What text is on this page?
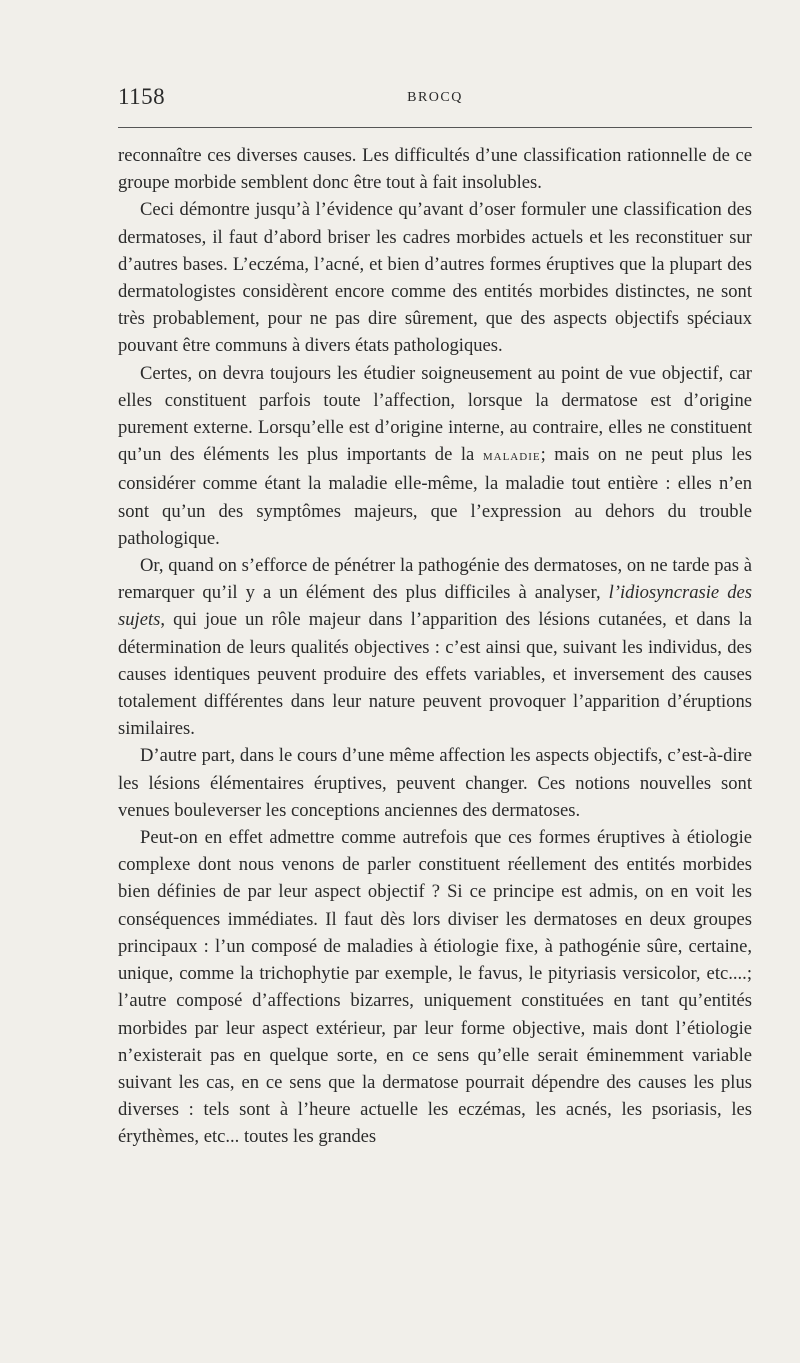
1158	BROCQ

reconnaître ces diverses causes. Les difficultés d’une classification rationnelle de ce groupe morbide semblent donc être tout à fait insolubles.

Ceci démontre jusqu’à l’évidence qu’avant d’oser formuler une classification des dermatoses, il faut d’abord briser les cadres morbides actuels et les reconstituer sur d’autres bases. L’eczéma, l’acné, et bien d’autres formes éruptives que la plupart des dermatologistes considèrent encore comme des entités morbides distinctes, ne sont très probablement, pour ne pas dire sûrement, que des aspects objectifs spéciaux pouvant être communs à divers états pathologiques.

Certes, on devra toujours les étudier soigneusement au point de vue objectif, car elles constituent parfois toute l’affection, lorsque la dermatose est d’origine purement externe. Lorsqu’elle est d’origine interne, au contraire, elles ne constituent qu’un des éléments les plus importants de la maladie; mais on ne peut plus les considérer comme étant la maladie elle-même, la maladie tout entière : elles n’en sont qu’un des symptômes majeurs, que l’expression au dehors du trouble pathologique.

Or, quand on s’efforce de pénétrer la pathogénie des dermatoses, on ne tarde pas à remarquer qu’il y a un élément des plus difficiles à analyser, l’idiosyncrasie des sujets, qui joue un rôle majeur dans l’apparition des lésions cutanées, et dans la détermination de leurs qualités objectives : c’est ainsi que, suivant les individus, des causes identiques peuvent produire des effets variables, et inversement des causes totalement différentes dans leur nature peuvent provoquer l’apparition d’éruptions similaires.

D’autre part, dans le cours d’une même affection les aspects objectifs, c’est-à-dire les lésions élémentaires éruptives, peuvent changer. Ces notions nouvelles sont venues bouleverser les conceptions anciennes des dermatoses.

Peut-on en effet admettre comme autrefois que ces formes éruptives à étiologie complexe dont nous venons de parler constituent réellement des entités morbides bien définies de par leur aspect objectif ? Si ce principe est admis, on en voit les conséquences immédiates. Il faut dès lors diviser les dermatoses en deux groupes principaux : l’un composé de maladies à étiologie fixe, à pathogénie sûre, certaine, unique, comme la trichophytie par exemple, le favus, le pityriasis versicolor, etc....; l’autre composé d’affections bizarres, uniquement constituées en tant qu’entités morbides par leur aspect extérieur, par leur forme objective, mais dont l’étiologie n’existerait pas en quelque sorte, en ce sens qu’elle serait éminemment variable suivant les cas, en ce sens que la dermatose pourrait dépendre des causes les plus diverses : tels sont à l’heure actuelle les eczémas, les acnés, les psoriasis, les érythèmes, etc... toutes les grandes
